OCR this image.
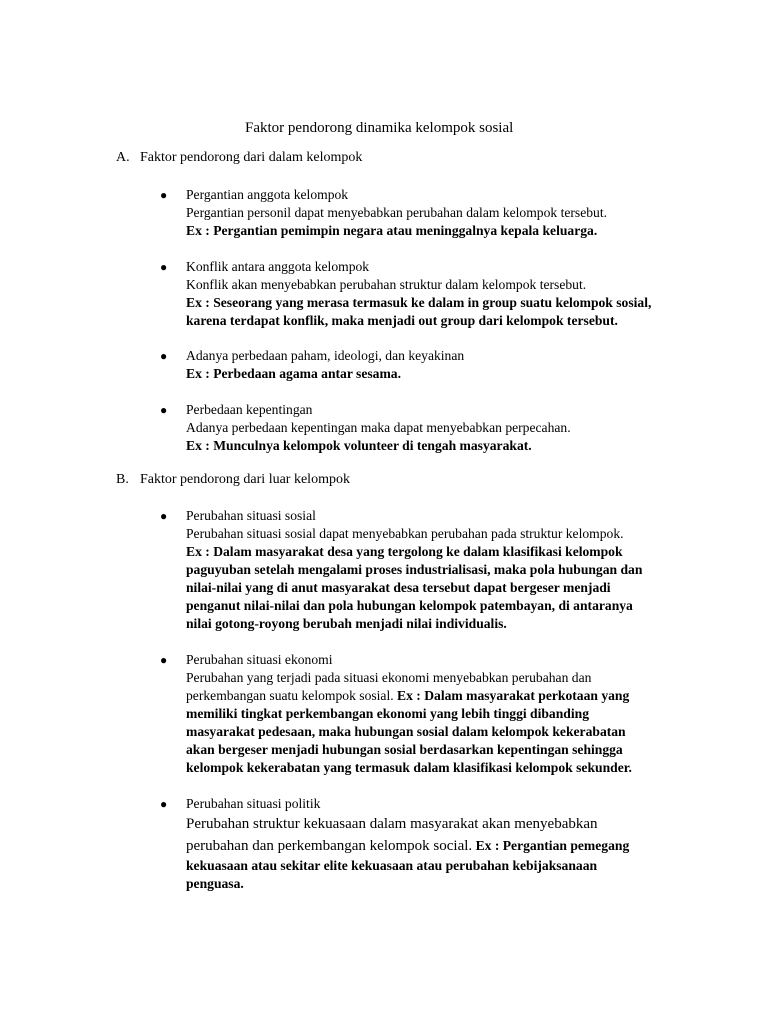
Faktor pendorong dinamika kelompok sosial
A. Faktor pendorong dari dalam kelompok
● Pergantian anggota kelompok
Pergantian personil dapat menyebabkan perubahan dalam kelompok tersebut.
Ex : Pergantian pemimpin negara atau meninggalnya kepala keluarga.
● Konflik antara anggota kelompok
Konflik akan menyebabkan perubahan struktur dalam kelompok tersebut.
Ex : Seseorang yang merasa termasuk ke dalam in group suatu kelompok sosial,
karena terdapat konflik, maka menjadi out group dari kelompok tersebut.
● Adanya perbedaan paham, ideologi, dan keyakinan
Ex : Perbedaan agama antar sesama.
● Perbedaan kepentingan
Adanya perbedaan kepentingan maka dapat menyebabkan perpecahan.
Ex : Munculnya kelompok volunteer di tengah masyarakat.
B. Faktor pendorong dari luar kelompok
● Perubahan situasi sosial
Perubahan situasi sosial dapat menyebabkan perubahan pada struktur kelompok.
Ex : Dalam masyarakat desa yang tergolong ke dalam klasifikasi kelompok
paguyuban setelah mengalami proses industrialisasi, maka pola hubungan dan
nilai-nilai yang di anut masyarakat desa tersebut dapat bergeser menjadi
penganut nilai-nilai dan pola hubungan kelompok patembayan, di antaranya
nilai gotong-royong berubah menjadi nilai individualis.
● Perubahan situasi ekonomi
Perubahan yang terjadi pada situasi ekonomi menyebabkan perubahan dan
perkembangan suatu kelompok sosial. Ex : Dalam masyarakat perkotaan yang
memiliki tingkat perkembangan ekonomi yang lebih tinggi dibanding
masyarakat pedesaan, maka hubungan sosial dalam kelompok kekerabatan
akan bergeser menjadi hubungan sosial berdasarkan kepentingan sehingga
kelompok kekerabatan yang termasuk dalam klasifikasi kelompok sekunder.
● Perubahan situasi politik
Perubahan struktur kekuasaan dalam masyarakat akan menyebabkan
perubahan dan perkembangan kelompok social. Ex : Pergantian pemegang
kekuasaan atau sekitar elite kekuasaan atau perubahan kebijaksanaan
penguasa.
